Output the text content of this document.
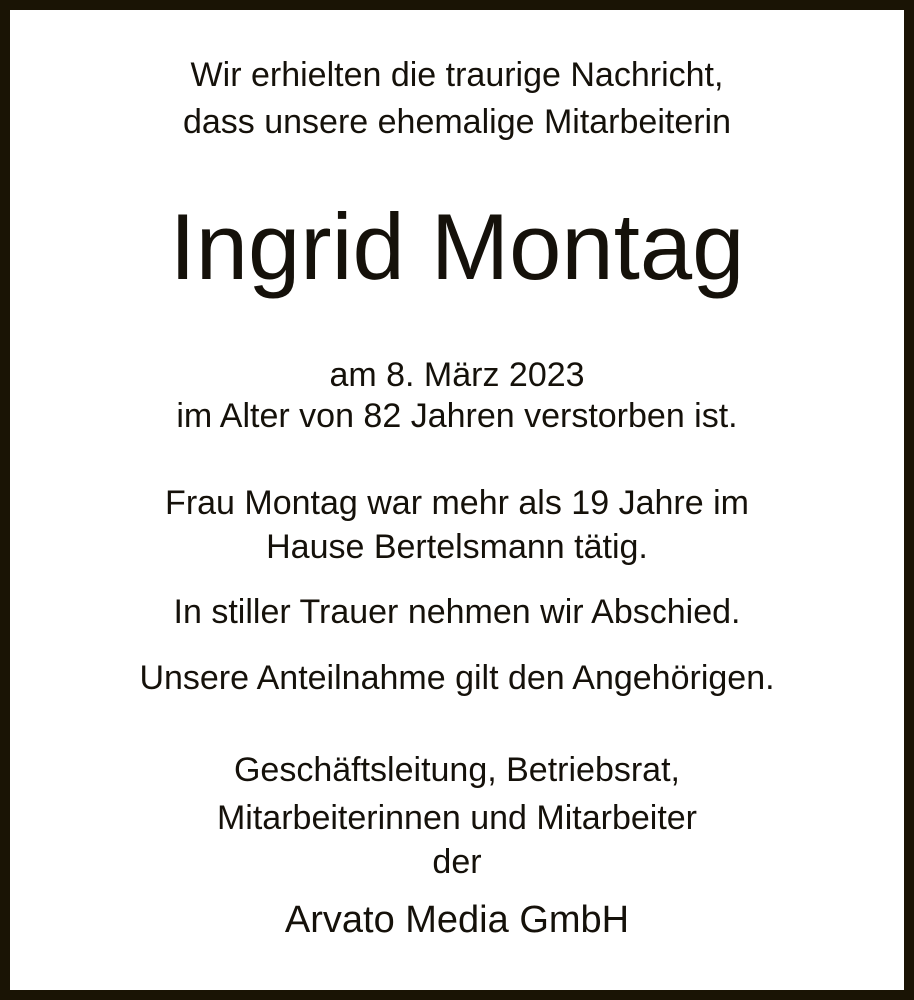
Wir erhielten die traurige Nachricht,
dass unsere ehemalige Mitarbeiterin
Ingrid Montag
am 8. März 2023
im Alter von 82 Jahren verstorben ist.
Frau Montag war mehr als 19 Jahre im
Hause Bertelsmann tätig.
In stiller Trauer nehmen wir Abschied.
Unsere Anteilnahme gilt den Angehörigen.
Geschäftsleitung, Betriebsrat,
Mitarbeiterinnen und Mitarbeiter
der
Arvato Media GmbH
